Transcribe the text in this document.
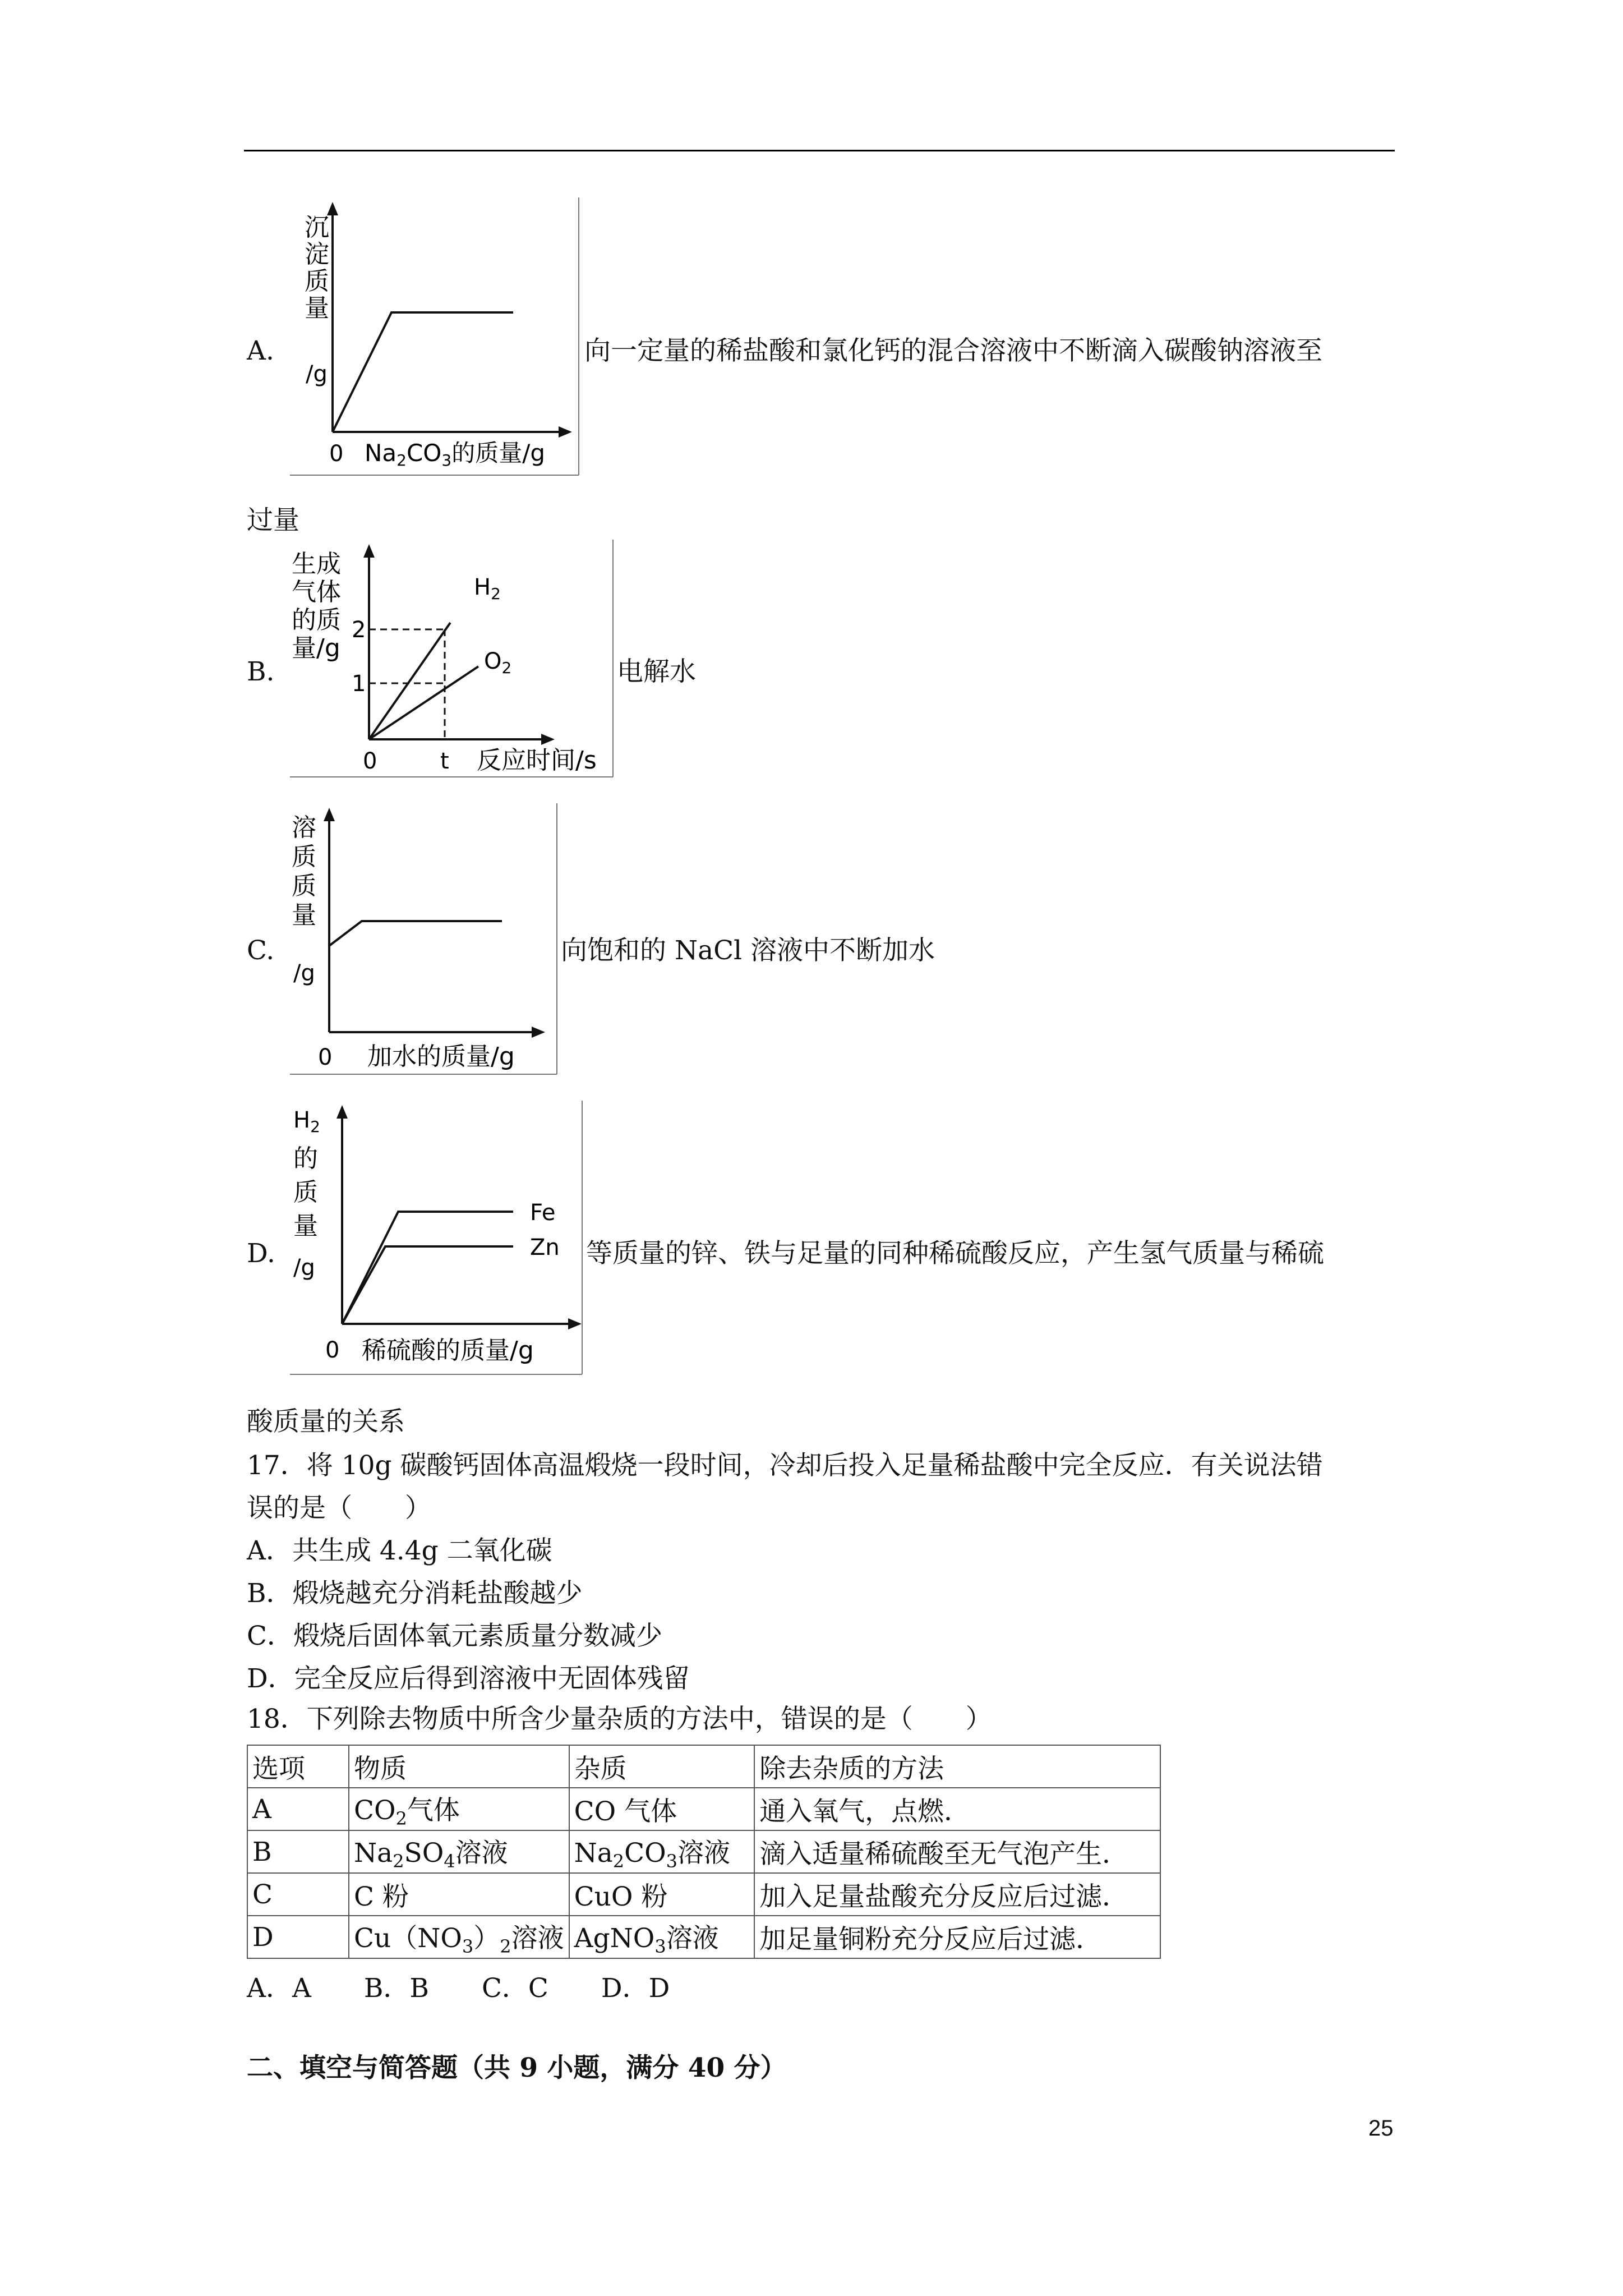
A.
沉
淀
质
量
/g
0 Na2CO3的质量/g
向一定量的稀盐酸和氯化钙的混合溶液中不断滴入碳酸钠溶液至
过量
B.
生成
气体
的质
量/g
2
1
0	t 反应时间/s
$H_2$
$O_2$	电解水
C.
溶
质
质
量
/g
0 加水的质量/g
向饱和的 NaCl 溶液中不断加水
D.
$H_2$
的
质
量
/g
0 稀硫酸的质量/g
Fe
Zn 等质量的锌、铁与足量的同种稀硫酸反应，产生氢气质量与稀硫
酸质量的关系
17．将 10g 碳酸钙固体高温煅烧一段时间，冷却后投入足量稀盐酸中完全反应．有关说法错
误的是（　　）
A．共生成 4.4g 二氧化碳
B．煅烧越充分消耗盐酸越少
C．煅烧后固体氧元素质量分数减少
D．完全反应后得到溶液中无固体残留
18．下列除去物质中所含少量杂质的方法中，错误的是（　　）
选项	物质	杂质	除去杂质的方法
A	$CO_2$气体	CO 气体	通入氧气，点燃．
B	$Na_2SO_4$溶液	$Na_2CO_3$溶液	滴入适量稀硫酸至无气泡产生．
C	C 粉	CuO 粉	加入足量盐酸充分反应后过滤．
D	$Cu(NO_3)_2$溶液	AgNO$_3$溶液	加足量铜粉充分反应后过滤．
A．A　　B．B　　C．C　　D．D
二、填空与简答题（共 9 小题，满分 40 分）
25
